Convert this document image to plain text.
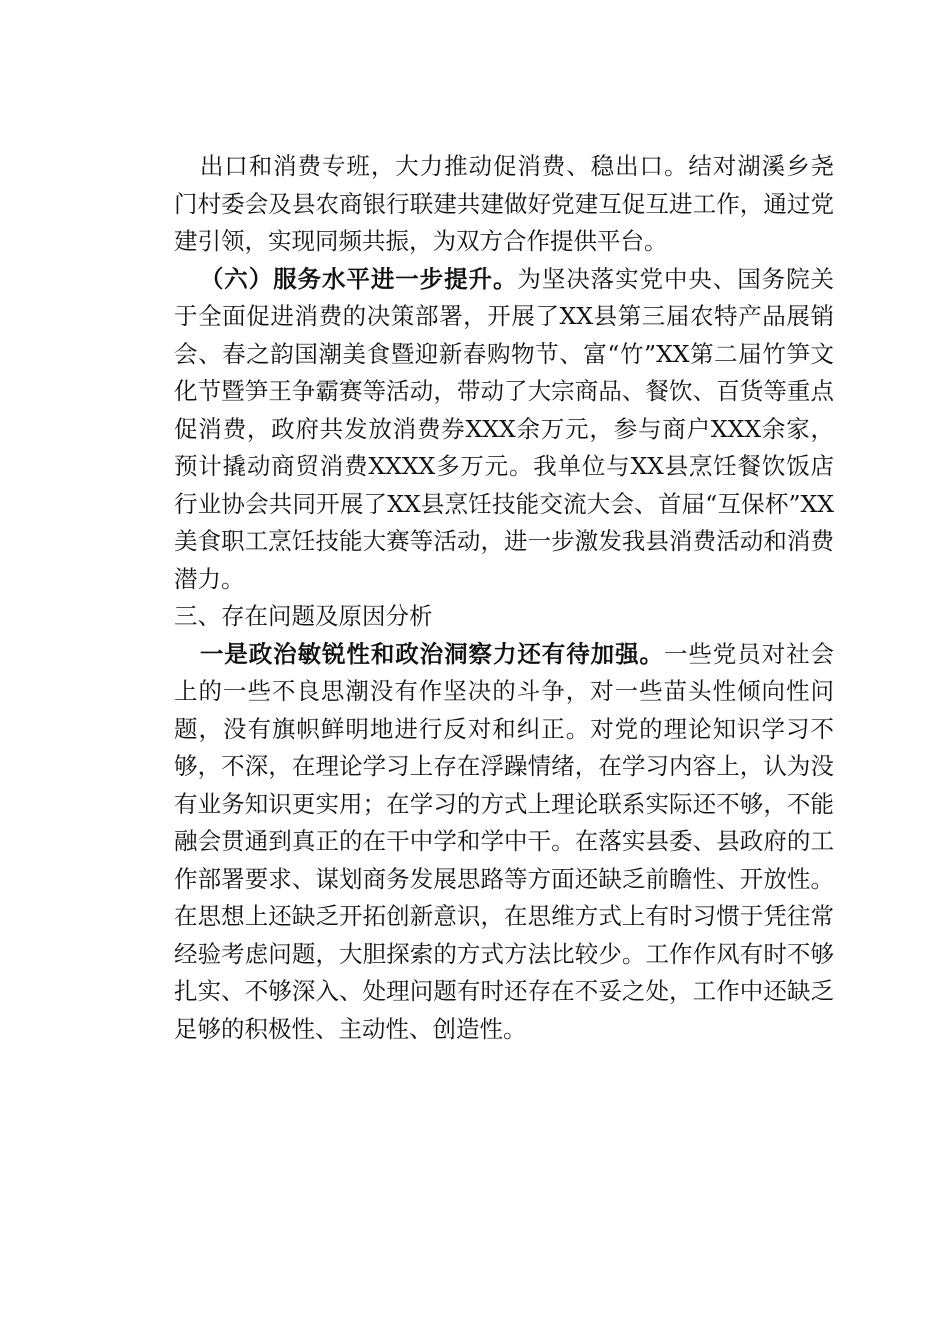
出口和消费专班，大力推动促消费、稳出口。结对湖溪乡尧门村委会及县农商银行联建共建做好党建互促互进工作，通过党建引领，实现同频共振，为双方合作提供平台。

（六）服务水平进一步提升。为坚决落实党中央、国务院关于全面促进消费的决策部署，开展了XX县第三届农特产品展销会、春之韵国潮美食暨迎新春购物节、富“竹”XX第二届竹笋文化节暨笋王争霸赛等活动，带动了大宗商品、餐饮、百货等重点促消费，政府共发放消费券XXX余万元，参与商户XXX余家，预计撬动商贸消费XXXX多万元。我单位与XX县烹饪餐饮饭店行业协会共同开展了XX县烹饪技能交流大会、首届“互保杯”XX美食职工烹饪技能大赛等活动，进一步激发我县消费活动和消费潜力。

三、存在问题及原因分析

一是政治敏锐性和政治洞察力还有待加强。一些党员对社会上的一些不良思潮没有作坚决的斗争，对一些苗头性倾向性问题，没有旗帜鲜明地进行反对和纠正。对党的理论知识学习不够，不深，在理论学习上存在浮躁情绪，在学习内容上，认为没有业务知识更实用；在学习的方式上理论联系实际还不够，不能融会贯通到真正的在干中学和学中干。在落实县委、县政府的工作部署要求、谋划商务发展思路等方面还缺乏前瞻性、开放性。在思想上还缺乏开拓创新意识，在思维方式上有时习惯于凭往常经验考虑问题，大胆探索的方式方法比较少。工作作风有时不够扎实、不够深入、处理问题有时还存在不妥之处，工作中还缺乏足够的积极性、主动性、创造性。
